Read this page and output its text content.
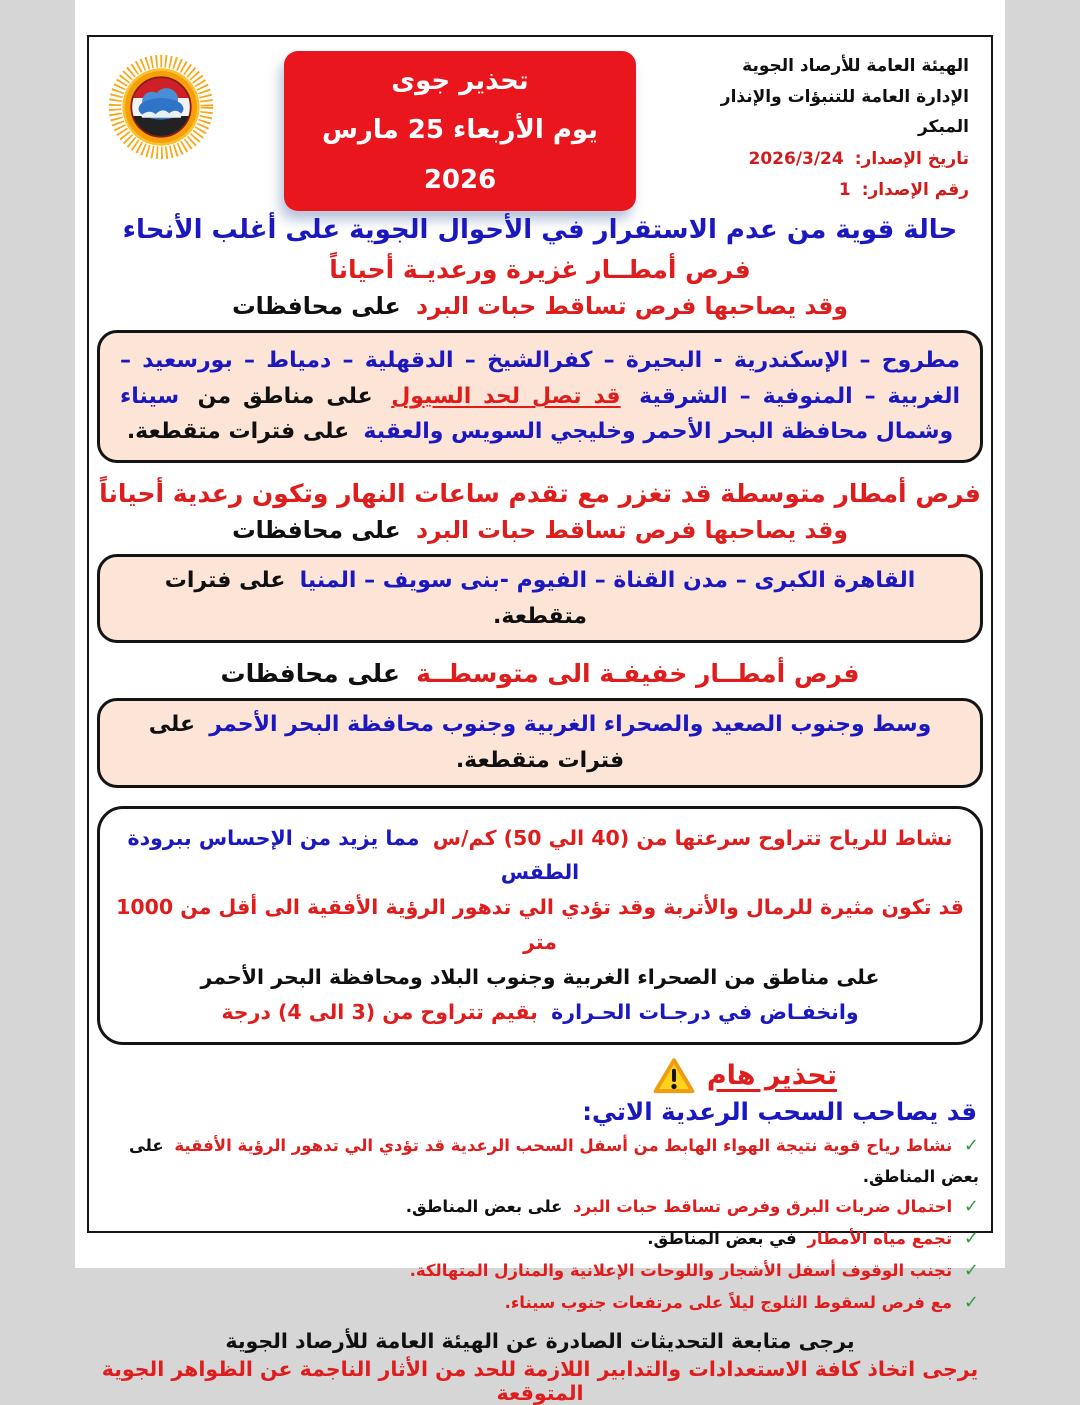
الهيئة العامة للأرصاد الجوية
الإدارة العامة للتنبؤات والإنذار المبكر
تاريخ الإصدار: 2026/3/24
رقم الإصدار: 1
تحذير جوى
يوم الأربعاء 25 مارس 2026
حالة قوية من عدم الاستقرار في الأحوال الجوية على أغلب الأنحاء
فرص أمطــار غزيرة ورعديـة أحياناً
وقد يصاحبها فرص تساقط حبات البرد على محافظات
مطروح – الإسكندرية - البحيرة – كفرالشيخ – الدقهلية – دمياط – بورسعيد – الغربية – المنوفية – الشرقية قد تصل لحد السيول على مناطق من سيناء وشمال محافظة البحر الأحمر وخليجي السويس والعقبة على فترات متقطعة.
فرص أمطار متوسطة قد تغزر مع تقدم ساعات النهار وتكون رعدية أحياناً
وقد يصاحبها فرص تساقط حبات البرد على محافظات
القاهرة الكبرى – مدن القناة – الفيوم -بنى سويف – المنيا على فترات متقطعة.
فرص أمطــار خفيفـة الى متوسطــة على محافظات
وسط وجنوب الصعيد والصحراء الغربية وجنوب محافظة البحر الأحمر على فترات متقطعة.
نشاط للرياح تتراوح سرعتها من (40 الي 50) كم/س مما يزيد من الإحساس ببرودة الطقس
قد تكون مثيرة للرمال والأتربة وقد تؤدي الي تدهور الرؤية الأفقية الى أقل من 1000 متر
على مناطق من الصحراء الغربية وجنوب البلاد ومحافظة البحر الأحمر
وانخفـاض في درجـات الحـرارة بقيم تتراوح من (3 الى 4) درجة
تحذير هام
قد يصاحب السحب الرعدية الاتي:
✓ نشاط رياح قوية نتيجة الهواء الهابط من أسفل السحب الرعدية قد تؤدي الي تدهور الرؤية الأفقية على بعض المناطق.
✓ احتمال ضربات البرق وفرص تساقط حبات البرد على بعض المناطق.
✓ تجمع مياه الأمطار في بعض المناطق.
✓ تجنب الوقوف أسفل الأشجار واللوحات الإعلانية والمنازل المتهالكة.
✓ مع فرص لسقوط الثلوج ليلاً على مرتفعات جنوب سيناء.
يرجى متابعة التحديثات الصادرة عن الهيئة العامة للأرصاد الجوية
يرجى اتخاذ كافة الاستعدادات والتدابير اللازمة للحد من الأثار الناجمة عن الظواهر الجوية المتوقعة
